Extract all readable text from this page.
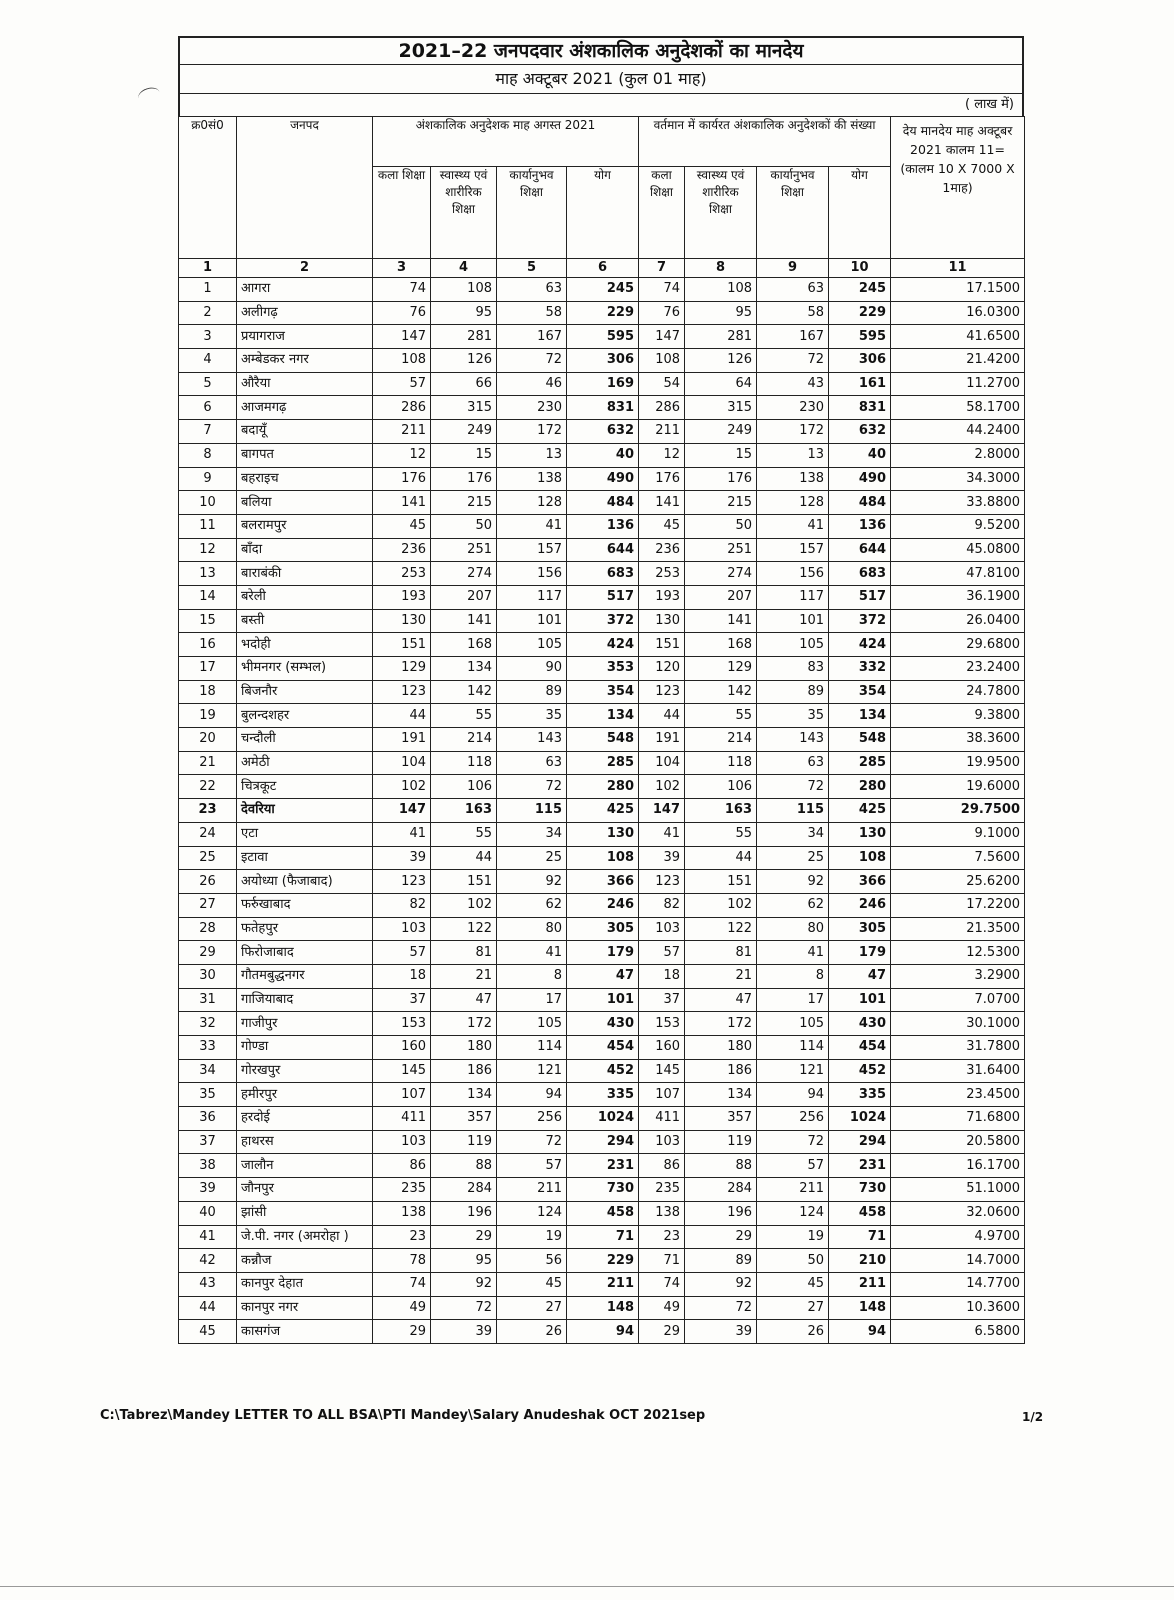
2021–22 जनपदवार अंशकालिक अनुदेशकों का मानदेय
माह अक्टूबर 2021 (कुल 01 माह)
( लाख में)
क्र0सं0	जनपद	अंशकालिक अनुदेशक माह अगस्त 2021				वर्तमान में कार्यरत अंशकालिक अनुदेशकों की संख्या				देय मानदेय माह अक्टूबर 2021 कालम 11= (कालम 10 X 7000 X 1माह)
		कला शिक्षा	स्वास्थ्य एवं शारीरिक शिक्षा	कार्यानुभव शिक्षा	योग	कला शिक्षा	स्वास्थ्य एवं शारीरिक शिक्षा	कार्यानुभव शिक्षा	योग	
1	2	3	4	5	6	7	8	9	10	11
1	आगरा	74	108	63	245	74	108	63	245	17.1500
2	अलीगढ़	76	95	58	229	76	95	58	229	16.0300
3	प्रयागराज	147	281	167	595	147	281	167	595	41.6500
4	अम्बेडकर नगर	108	126	72	306	108	126	72	306	21.4200
5	औरैया	57	66	46	169	54	64	43	161	11.2700
6	आजमगढ़	286	315	230	831	286	315	230	831	58.1700
7	बदायूँ	211	249	172	632	211	249	172	632	44.2400
8	बागपत	12	15	13	40	12	15	13	40	2.8000
9	बहराइच	176	176	138	490	176	176	138	490	34.3000
10	बलिया	141	215	128	484	141	215	128	484	33.8800
11	बलरामपुर	45	50	41	136	45	50	41	136	9.5200
12	बाँदा	236	251	157	644	236	251	157	644	45.0800
13	बाराबंकी	253	274	156	683	253	274	156	683	47.8100
14	बरेली	193	207	117	517	193	207	117	517	36.1900
15	बस्ती	130	141	101	372	130	141	101	372	26.0400
16	भदोही	151	168	105	424	151	168	105	424	29.6800
17	भीमनगर (सम्भल)	129	134	90	353	120	129	83	332	23.2400
18	बिजनौर	123	142	89	354	123	142	89	354	24.7800
19	बुलन्दशहर	44	55	35	134	44	55	35	134	9.3800
20	चन्दौली	191	214	143	548	191	214	143	548	38.3600
21	अमेठी	104	118	63	285	104	118	63	285	19.9500
22	चित्रकूट	102	106	72	280	102	106	72	280	19.6000
23	देवरिया	147	163	115	425	147	163	115	425	29.7500
24	एटा	41	55	34	130	41	55	34	130	9.1000
25	इटावा	39	44	25	108	39	44	25	108	7.5600
26	अयोध्या (फैजाबाद)	123	151	92	366	123	151	92	366	25.6200
27	फर्रुखाबाद	82	102	62	246	82	102	62	246	17.2200
28	फतेहपुर	103	122	80	305	103	122	80	305	21.3500
29	फिरोजाबाद	57	81	41	179	57	81	41	179	12.5300
30	गौतमबुद्धनगर	18	21	8	47	18	21	8	47	3.2900
31	गाजियाबाद	37	47	17	101	37	47	17	101	7.0700
32	गाजीपुर	153	172	105	430	153	172	105	430	30.1000
33	गोण्डा	160	180	114	454	160	180	114	454	31.7800
34	गोरखपुर	145	186	121	452	145	186	121	452	31.6400
35	हमीरपुर	107	134	94	335	107	134	94	335	23.4500
36	हरदोई	411	357	256	1024	411	357	256	1024	71.6800
37	हाथरस	103	119	72	294	103	119	72	294	20.5800
38	जालौन	86	88	57	231	86	88	57	231	16.1700
39	जौनपुर	235	284	211	730	235	284	211	730	51.1000
40	झांसी	138	196	124	458	138	196	124	458	32.0600
41	जे.पी. नगर (अमरोहा )	23	29	19	71	23	29	19	71	4.9700
42	कन्नौज	78	95	56	229	71	89	50	210	14.7000
43	कानपुर देहात	74	92	45	211	74	92	45	211	14.7700
44	कानपुर नगर	49	72	27	148	49	72	27	148	10.3600
45	कासगंज	29	39	26	94	29	39	26	94	6.5800
C:\Tabrez\Mandey LETTER TO ALL BSA\PTI Mandey\Salary Anudeshak OCT 2021sep	1/2
